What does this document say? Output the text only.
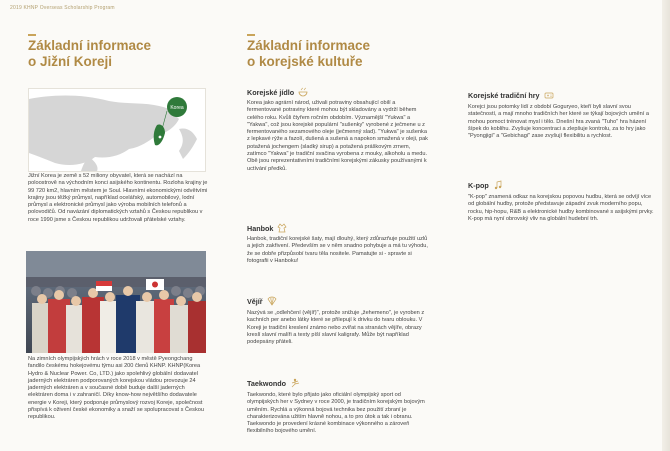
2019 KHNP Overseas Scholarship Program
Základní informace
o Jižní Koreji
Korea
Jižní Korea je země s 52 miliony obyvatel, která se nachází na poloostrově na východním konci asijského kontinentu. Rozloha krajiny je 99 720 km2, hlavním městem je Soul. Hlavními ekonomickými odvětvími krajiny jsou těžký průmysl, například ocelářský, automobilový, lodní průmysl a elektronické průmysl jako výroba mobilních telefonů a polovodičů. Od navázání diplomatických vztahů s Českou republikou v roce 1990 jsme s Českou republikou udržovali přátelské vztahy.
Na zimních olympijských hrách v roce 2018 v městě Pyeongchang fandilo českému hokejovému týmu asi 200 členů KHNP. KHNP(Korea Hydro & Nuclear Power. Co, LTD.) jako spolehlivý globální dodavatel jaderných elektráren podporovaných korejskou vládou provozuje 24 jaderných elektráren a v současné době buduje další jaderných elektráren doma i v zahraničí. Díky know-how největšího dodavatele energie v Koreji, který podporuje průmyslový rozvoj Koreje, společnost přispívá k oživení české ekonomiky a snaží se spolupracovat s Českou republikou.
Základní informace
o korejské kultuře
Korejské jídlo
Korea jako agrární národ, uživali potraviny obsahující obilí a fermentované potraviny které mohou být skladovány a vydrží během celého roku. Kvůli čtyřem ročním obdobím. Významější "Yukwa" a "Yakwa", což jsou korejské populární "sušenky" vyrobené z ječmene u z fermentovaného sezamového oleje (ječmenný slad). "Yukwa" je sušenka z lepkavé rýže a fazolí, dušená a sušená a napokon smažená v oleji, pak potažená jochengem (sladký sirup) a potažená práškovým zrnem, zatímco "Yakwa" je tradiční svačina vyrobena z mouky, alkoholu a medu. Obě jsou reprezentativními tradičními korejskými zákusky používanými k uctívání předků.
Hanbok
Hanbok, tradiční korejské šaty, mají dlouhý, který zdůrazňuje použití uzlů a jejich zakřivení. Především se v něm snadno pohybuje a má tu výhodu, že se dobře přizpůsobí tvaru těla nositele. Pamatujte si - spravte si fotografii v Hanboku!
Vějíř
Nazývá se „odlehčení (vějíř)", protože snižuje „žehemeno", je vyroben z kachních per anebo látky které se přilepují k drivku do tvaru oblouku. V Koreji je tradiční kreslení známo nebo zvířat na stranách vějíře, obrazy kreslí slavní malíři a texty píší slavní kaligrafy. Může být například podepsány přáteli.
Taekwondo
Taekwondo, které bylo přijato jako oficiální olympijský sport od olympijských her v Sydney v roce 2000, je tradičním korejským bojovým uměním. Rychlá a výkonná bojová technika bez použití zbraní je charakterizována užitím hlavně nohou, a to pro útok a tak i obranu. Taekwondo je provedení krásné kombinace výkonného a zároveň flexibilního bojového umění.
Korejské tradiční hry
Korejci jsou potomky lidí z období Goguryeo, kteří byli slavní svou statečností, a mají mnoho tradičních her které se týkají bojových umění a mohou pomoct trénovat mysl i tělo. Dnešní hra zvaná "Tuho" hra házení šípek do koblihu. Zvyšuje koncentraci a zlepšuje kontrolu, za to hry jako "Pyongjigi" a "Gebichagi" zase zvyšují flexibilitu a rychlost.
K-pop
"K-pop" znamená odkaz na korejskou popovou hudbu, která se odvíjí více od globální hudby, protože představuje západní zvuk moderního popu, rocku, hip-hopu, R&B a elektronické hudby kombinované s asijskými prvky. K-pop má nyní obrovský vliv na globální hudební trh.
